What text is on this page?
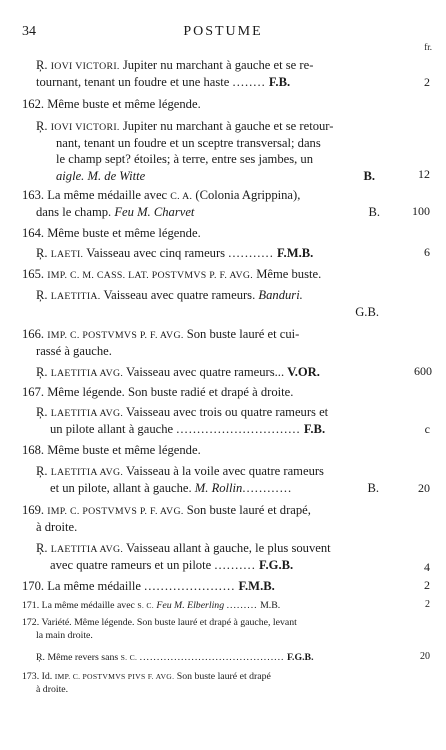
34	POSTUME
fr.
Ŗ. IOVI VICTORI. Jupiter nu marchant à gauche et se re-
tournant, tenant un foudre et une haste ........ F.B.	2
162. Même buste et même légende.
Ŗ. IOVI VICTORI. Jupiter nu marchant à gauche et se retour-
nant, tenant un foudre et un sceptre transversal; dans
le champ sept? étoiles; à terre, entre ses jambes, un
aigle. M. de Witte	B.	12
163. La même médaille avec C. A. (Colonia Agrippina),
dans le champ. Feu M. Charvet	B.	100
164. Même buste et même légende.
Ŗ. LAETI. Vaisseau avec cinq rameurs ........... F.M.B.	6
165. IMP. C. M. CASS. LAT. POSTVMVS P. F. AVG. Même buste.
Ŗ. LAETITIA. Vaisseau avec quatre rameurs. Banduri.
G.B.
166. IMP. C. POSTVMVS P. F. AVG. Son buste lauré et cui-
rassé à gauche.
Ŗ. LAETITIA AVG. Vaisseau avec quatre rameurs... V.OR.	600
167. Même légende. Son buste radié et drapé à droite.
Ŗ. LAETITIA AVG. Vaisseau avec trois ou quatre rameurs et
un pilote allant à gauche .............................. F.B.	c
168. Même buste et même légende.
Ŗ. LAETITIA AVG. Vaisseau à la voile avec quatre rameurs
et un pilote, allant à gauche. M. Rollin............	B.	20
169. IMP. C. POSTVMVS P. F. AVG. Son buste lauré et drapé,
à droite.
Ŗ. LAETITIA AVG. Vaisseau allant à gauche, le plus souvent
avec quatre rameurs et un pilote .......... F.G.B.	4
170. La même médaille ...................... F.M.B.	2
171. La même médaille avec S. C. Feu M. Elberling ......... M.B.	2
172. Variété. Même légende. Son buste lauré et drapé à gauche, levant
la main droite.
Ŗ. Même revers sans S. C. .......................................... F.G.B.	20
173. Id. IMP. C. POSTVMVS PIVS F. AVG. Son buste lauré et drapé
à droite.
